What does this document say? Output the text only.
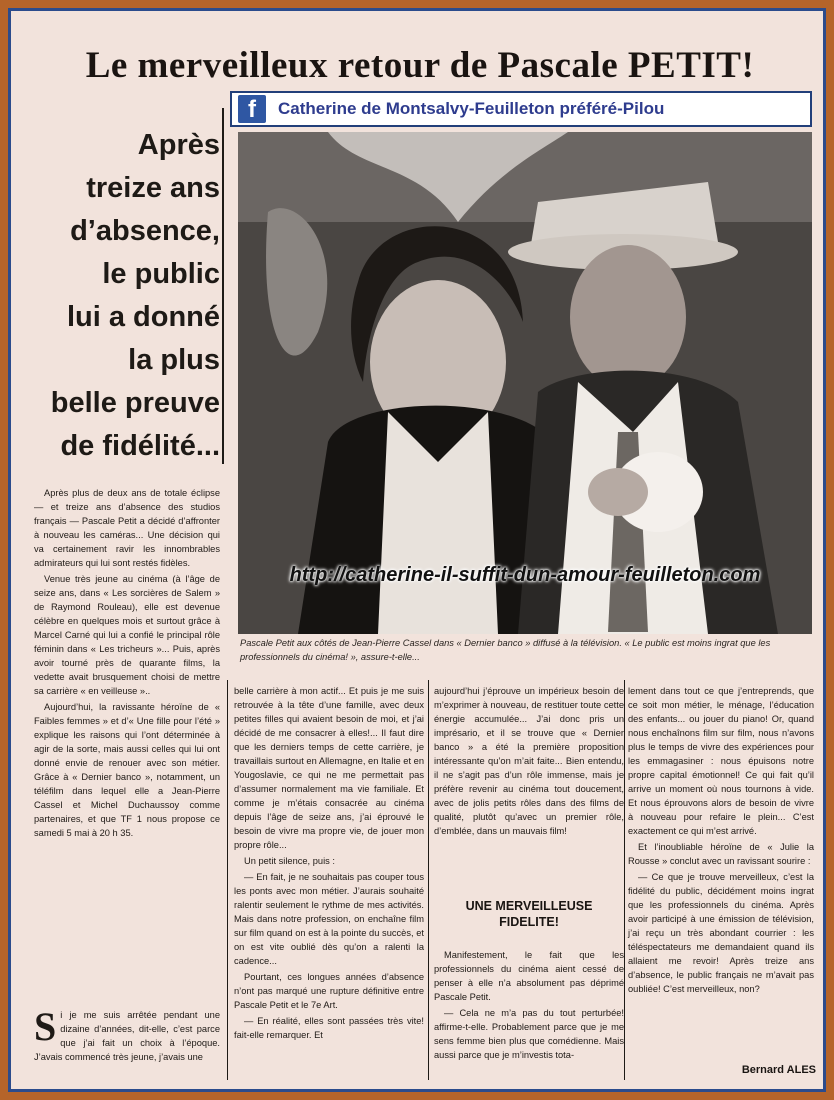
Le merveilleux retour de Pascale PETIT!
f	Catherine de Montsalvy-Feuilleton préféré-Pilou
Après
treize ans
d’absence,
le public
lui a donné
la plus
belle preuve
de fidélité...
http://catherine-il-suffit-dun-amour-feuilleton.com
Pascale Petit aux côtés de Jean-Pierre Cassel dans « Dernier banco » diffusé à la télévision. « Le public est moins ingrat que les professionnels du cinéma! », assure-t-elle...

Après plus de deux ans de totale éclipse — et treize ans d’absence des studios français — Pascale Petit a décidé d’affronter à nouveau les caméras... Une décision qui va certainement ravir les innombrables admirateurs qui lui sont restés fidèles.

Venue très jeune au cinéma (à l’âge de seize ans, dans « Les sorcières de Salem » de Raymond Rouleau), elle est devenue célèbre en quelques mois et surtout grâce à Marcel Carné qui lui a confié le principal rôle féminin dans « Les tricheurs »... Puis, après avoir tourné près de quarante films, la vedette avait brusquement choisi de mettre sa carrière « en veilleuse »..

Aujourd’hui, la ravissante héroïne de « Faibles femmes » et d’« Une fille pour l’été » explique les raisons qui l’ont déterminée à agir de la sorte, mais aussi celles qui lui ont donné envie de renouer avec son métier. Grâce à « Dernier banco », notamment, un téléfilm dans lequel elle a Jean-Pierre Cassel et Michel Duchaussoy comme partenaires, et que TF 1 nous propose ce samedi 5 mai à 20 h 35.

S i je me suis arrêtée pendant une dizaine d’années, dit-elle, c’est parce que j’ai fait un choix à l’époque. J’avais commencé très jeune, j’avais une

belle carrière à mon actif... Et puis je me suis retrouvée à la tête d’une famille, avec deux petites filles qui avaient besoin de moi, et j’ai décidé de me consacrer à elles!... Il faut dire que les derniers temps de cette carrière, je travaillais surtout en Allemagne, en Italie et en Yougoslavie, ce qui ne me permettait pas d’assumer normalement ma vie familiale. Et comme je m’étais consacrée au cinéma depuis l’âge de seize ans, j’ai éprouvé le besoin de vivre ma propre vie, de jouer mon propre rôle...

Un petit silence, puis :

— En fait, je ne souhaitais pas couper tous les ponts avec mon métier. J’aurais souhaité ralentir seulement le rythme de mes activités. Mais dans notre profession, on enchaîne film sur film quand on est à la pointe du succès, et on est vite oublié dès qu’on a ralenti la cadence...

Pourtant, ces longues années d’absence n’ont pas marqué une rupture définitive entre Pascale Petit et le 7e Art.

— En réalité, elles sont passées très vite! fait-elle remarquer. Et

aujourd’hui j’éprouve un impérieux besoin de m’exprimer à nouveau, de restituer toute cette énergie accumulée... J’ai donc pris un imprésario, et il se trouve que « Dernier banco » a été la première proposition intéressante qu’on m’ait faite... Bien entendu, il ne s’agit pas d’un rôle immense, mais je préfère revenir au cinéma tout doucement, avec de jolis petits rôles dans des films de qualité, plutôt qu’avec un premier rôle, d’emblée, dans un mauvais film!

UNE MERVEILLEUSE FIDELITE!

Manifestement, le fait que les professionnels du cinéma aient cessé de penser à elle n’a absolument pas déprimé Pascale Petit.

— Cela ne m’a pas du tout perturbée! affirme-t-elle. Probablement parce que je me sens femme bien plus que comédienne. Mais aussi parce que je m’investis tota-

lement dans tout ce que j’entreprends, que ce soit mon métier, le ménage, l’éducation des enfants... ou jouer du piano! Or, quand nous enchaînons film sur film, nous n’avons plus le temps de vivre des expériences pour les emmagasiner : nous épuisons notre propre capital émotionnel! Ce qui fait qu’il arrive un moment où nous tournons à vide. Et nous éprouvons alors de besoin de vivre à nouveau pour refaire le plein... C’est exactement ce qui m’est arrivé.

Et l’inoubliable héroïne de « Julie la Rousse » conclut avec un ravissant sourire :

— Ce que je trouve merveilleux, c’est la fidélité du public, décidément moins ingrat que les professionnels du cinéma. Après avoir participé à une émission de télévision, j’ai reçu un très abondant courrier : les téléspectateurs me demandaient quand ils allaient me revoir! Après treize ans d’absence, le public français ne m’avait pas oubliée! C’est merveilleux, non?

Bernard ALES
